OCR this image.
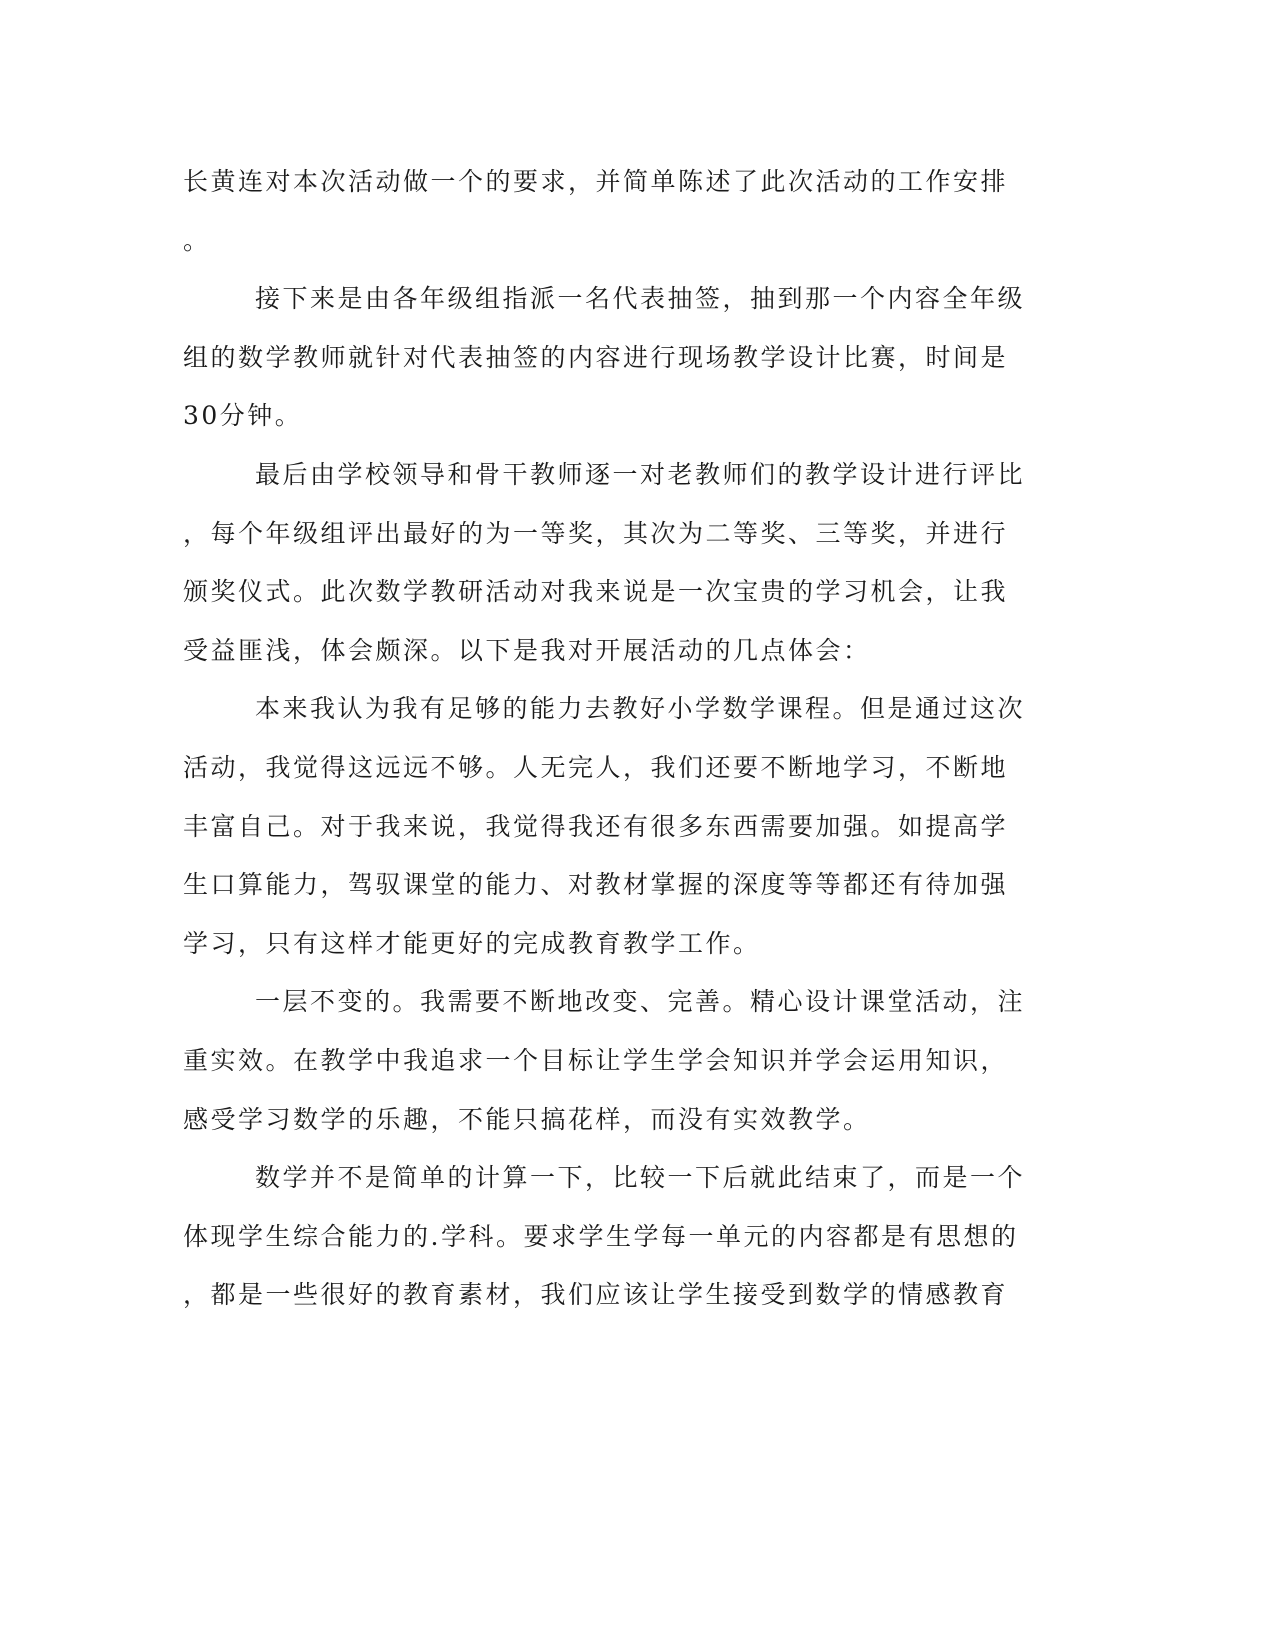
长黄连对本次活动做一个的要求，并简单陈述了此次活动的工作安排
。
接下来是由各年级组指派一名代表抽签，抽到那一个内容全年级
组的数学教师就针对代表抽签的内容进行现场教学设计比赛，时间是
30分钟。
最后由学校领导和骨干教师逐一对老教师们的教学设计进行评比
，每个年级组评出最好的为一等奖，其次为二等奖、三等奖，并进行
颁奖仪式。此次数学教研活动对我来说是一次宝贵的学习机会，让我
受益匪浅，体会颇深。以下是我对开展活动的几点体会：
本来我认为我有足够的能力去教好小学数学课程。但是通过这次
活动，我觉得这远远不够。人无完人，我们还要不断地学习，不断地
丰富自己。对于我来说，我觉得我还有很多东西需要加强。如提高学
生口算能力，驾驭课堂的能力、对教材掌握的深度等等都还有待加强
学习，只有这样才能更好的完成教育教学工作。
一层不变的。我需要不断地改变、完善。精心设计课堂活动，注
重实效。在教学中我追求一个目标让学生学会知识并学会运用知识，
感受学习数学的乐趣，不能只搞花样，而没有实效教学。
数学并不是简单的计算一下，比较一下后就此结束了，而是一个
体现学生综合能力的.学科。要求学生学每一单元的内容都是有思想的
，都是一些很好的教育素材，我们应该让学生接受到数学的情感教育
